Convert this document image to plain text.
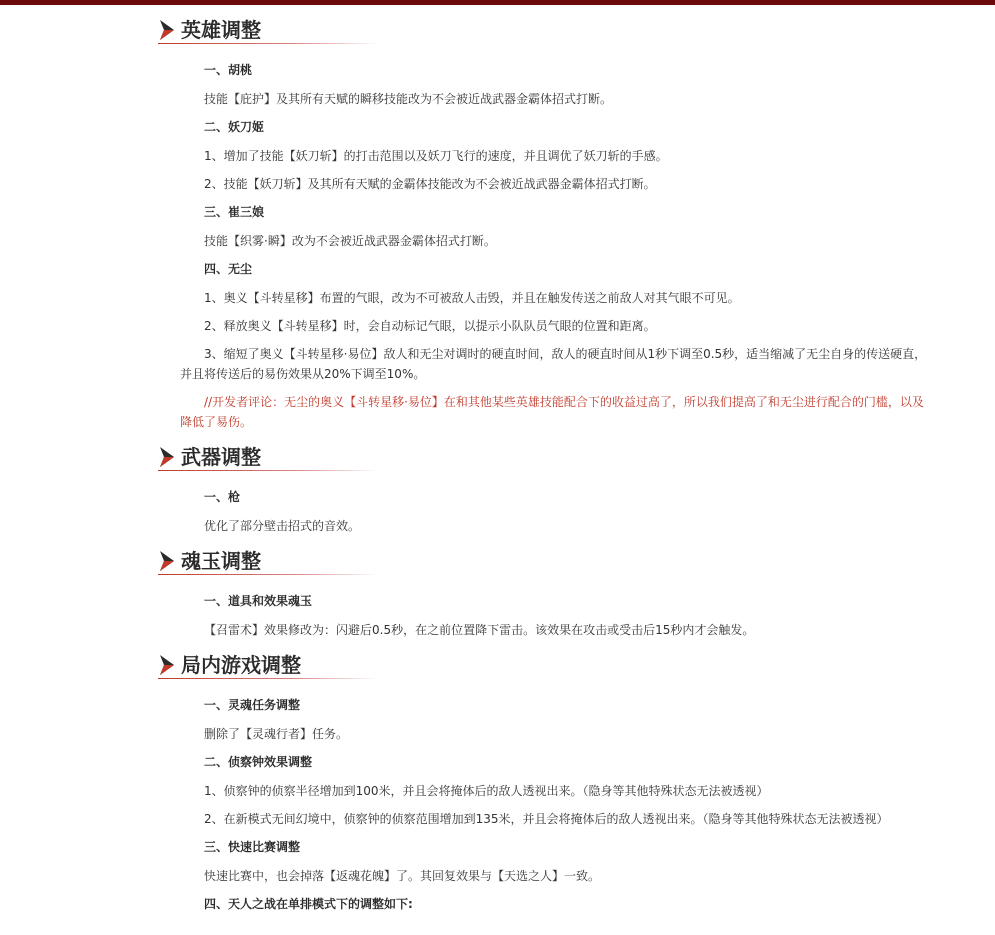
英雄调整
一、胡桃
技能【庇护】及其所有天赋的瞬移技能改为不会被近战武器金霸体招式打断。
二、妖刀姬
1、增加了技能【妖刀斩】的打击范围以及妖刀飞行的速度，并且调优了妖刀斩的手感。
2、技能【妖刀斩】及其所有天赋的金霸体技能改为不会被近战武器金霸体招式打断。
三、崔三娘
技能【织雾·瞬】改为不会被近战武器金霸体招式打断。
四、无尘
1、奥义【斗转星移】布置的气眼，改为不可被敌人击毁，并且在触发传送之前敌人对其气眼不可见。
2、释放奥义【斗转星移】时，会自动标记气眼，以提示小队队员气眼的位置和距离。
3、缩短了奥义【斗转星移·易位】敌人和无尘对调时的硬直时间，敌人的硬直时间从1秒下调至0.5秒，适当缩减了无尘自身的传送硬直，并且将传送后的易伤效果从20%下调至10%。
//开发者评论：无尘的奥义【斗转星移·易位】在和其他某些英雄技能配合下的收益过高了，所以我们提高了和无尘进行配合的门槛，以及降低了易伤。
武器调整
一、枪
优化了部分壁击招式的音效。
魂玉调整
一、道具和效果魂玉
【召雷术】效果修改为：闪避后0.5秒，在之前位置降下雷击。该效果在攻击或受击后15秒内才会触发。
局内游戏调整
一、灵魂任务调整
删除了【灵魂行者】任务。
二、侦察钟效果调整
1、侦察钟的侦察半径增加到100米，并且会将掩体后的敌人透视出来。（隐身等其他特殊状态无法被透视）
2、在新模式无间幻境中，侦察钟的侦察范围增加到135米，并且会将掩体后的敌人透视出来。（隐身等其他特殊状态无法被透视）
三、快速比赛调整
快速比赛中，也会掉落【返魂花魄】了。其回复效果与【天选之人】一致。
四、天人之战在单排模式下的调整如下:
